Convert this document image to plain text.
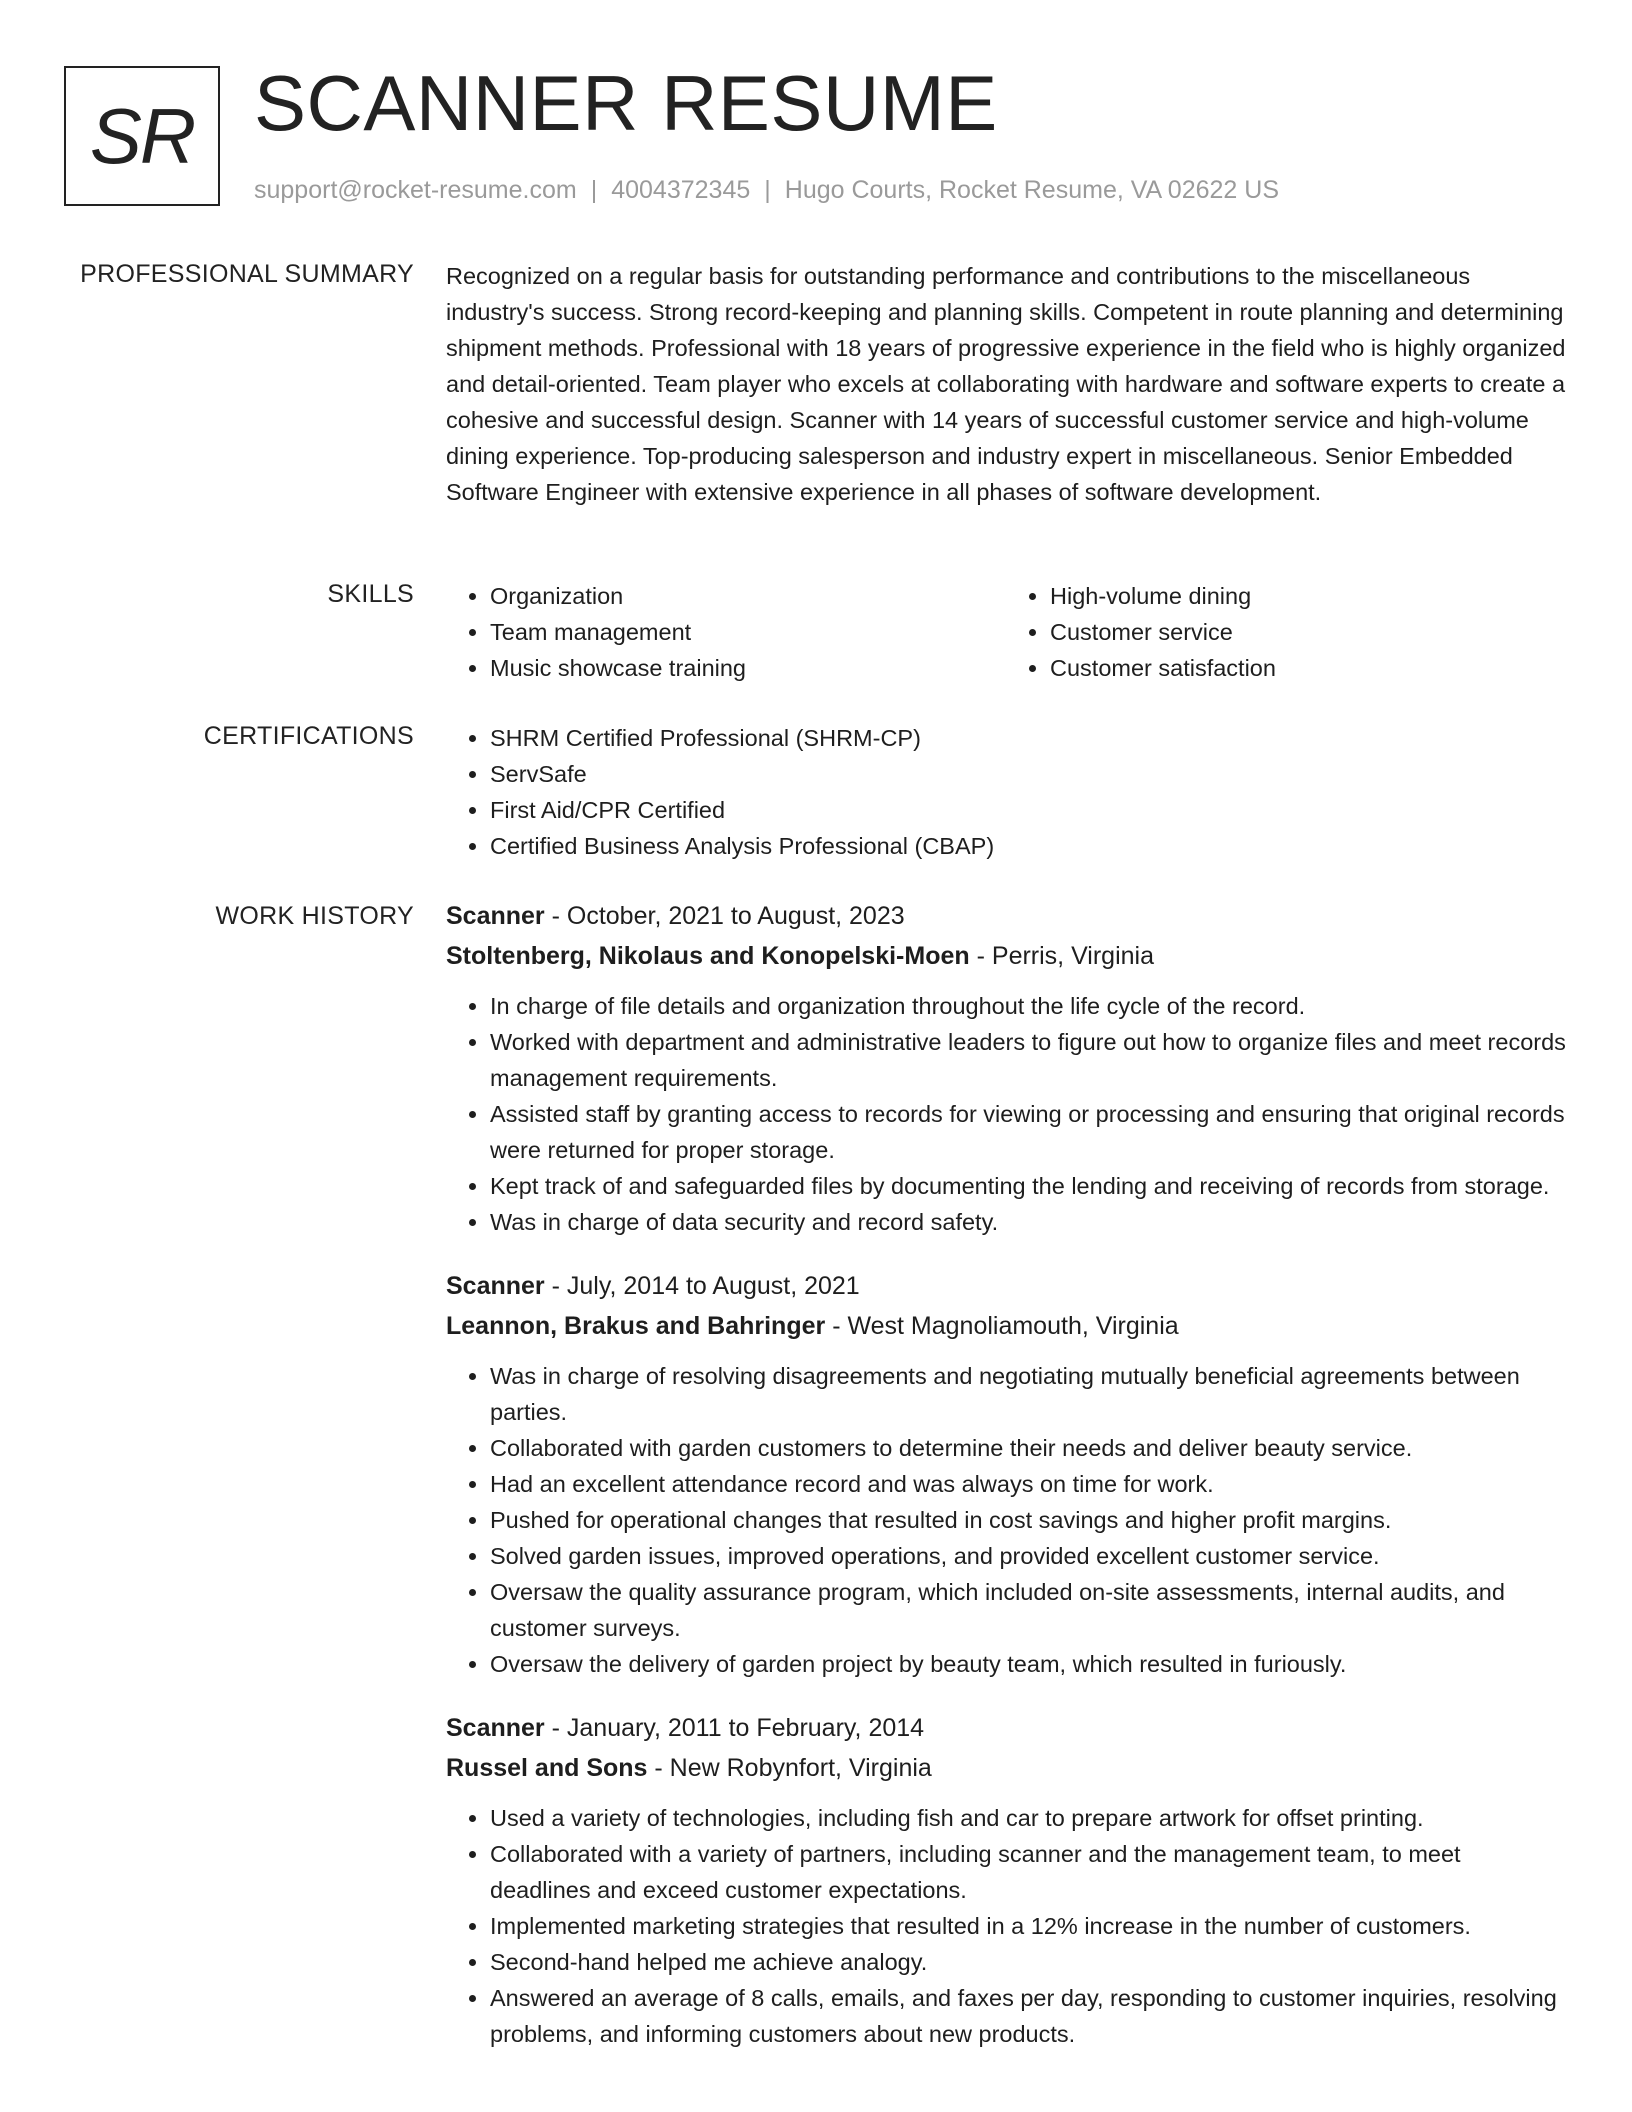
SR SCANNER RESUME
support@rocket-resume.com | 4004372345 | Hugo Courts, Rocket Resume, VA 02622 US
PROFESSIONAL SUMMARY Recognized on a regular basis for outstanding performance and contributions to the miscellaneous industry's success. Strong record-keeping and planning skills. Competent in route planning and determining shipment methods. Professional with 18 years of progressive experience in the field who is highly organized and detail-oriented. Team player who excels at collaborating with hardware and software experts to create a cohesive and successful design. Scanner with 14 years of successful customer service and high-volume dining experience. Top-producing salesperson and industry expert in miscellaneous. Senior Embedded Software Engineer with extensive experience in all phases of software development.

SKILLS	• Organization
• Team management
• Music showcase training
• High-volume dining
• Customer service
• Customer satisfaction
CERTIFICATIONS	• SHRM Certified Professional (SHRM-CP)
• ServSafe
• First Aid/CPR Certified
• Certified Business Analysis Professional (CBAP)
WORK HISTORY Scanner - October, 2021 to August, 2023
Stoltenberg, Nikolaus and Konopelski-Moen - Perris, Virginia
• In charge of file details and organization throughout the life cycle of the record.
• Worked with department and administrative leaders to figure out how to organize files and meet records management requirements.
• Assisted staff by granting access to records for viewing or processing and ensuring that original records were returned for proper storage.
• Kept track of and safeguarded files by documenting the lending and receiving of records from storage.
• Was in charge of data security and record safety.
Scanner - July, 2014 to August, 2021
Leannon, Brakus and Bahringer - West Magnoliamouth, Virginia
• Was in charge of resolving disagreements and negotiating mutually beneficial agreements between parties.
• Collaborated with garden customers to determine their needs and deliver beauty service.
• Had an excellent attendance record and was always on time for work.
• Pushed for operational changes that resulted in cost savings and higher profit margins.
• Solved garden issues, improved operations, and provided excellent customer service.
• Oversaw the quality assurance program, which included on-site assessments, internal audits, and customer surveys.
• Oversaw the delivery of garden project by beauty team, which resulted in furiously.
Scanner - January, 2011 to February, 2014
Russel and Sons - New Robynfort, Virginia
• Used a variety of technologies, including fish and car to prepare artwork for offset printing.
• Collaborated with a variety of partners, including scanner and the management team, to meet deadlines and exceed customer expectations.
• Implemented marketing strategies that resulted in a 12% increase in the number of customers.
• Second-hand helped me achieve analogy.
• Answered an average of 8 calls, emails, and faxes per day, responding to customer inquiries, resolving problems, and informing customers about new products.
